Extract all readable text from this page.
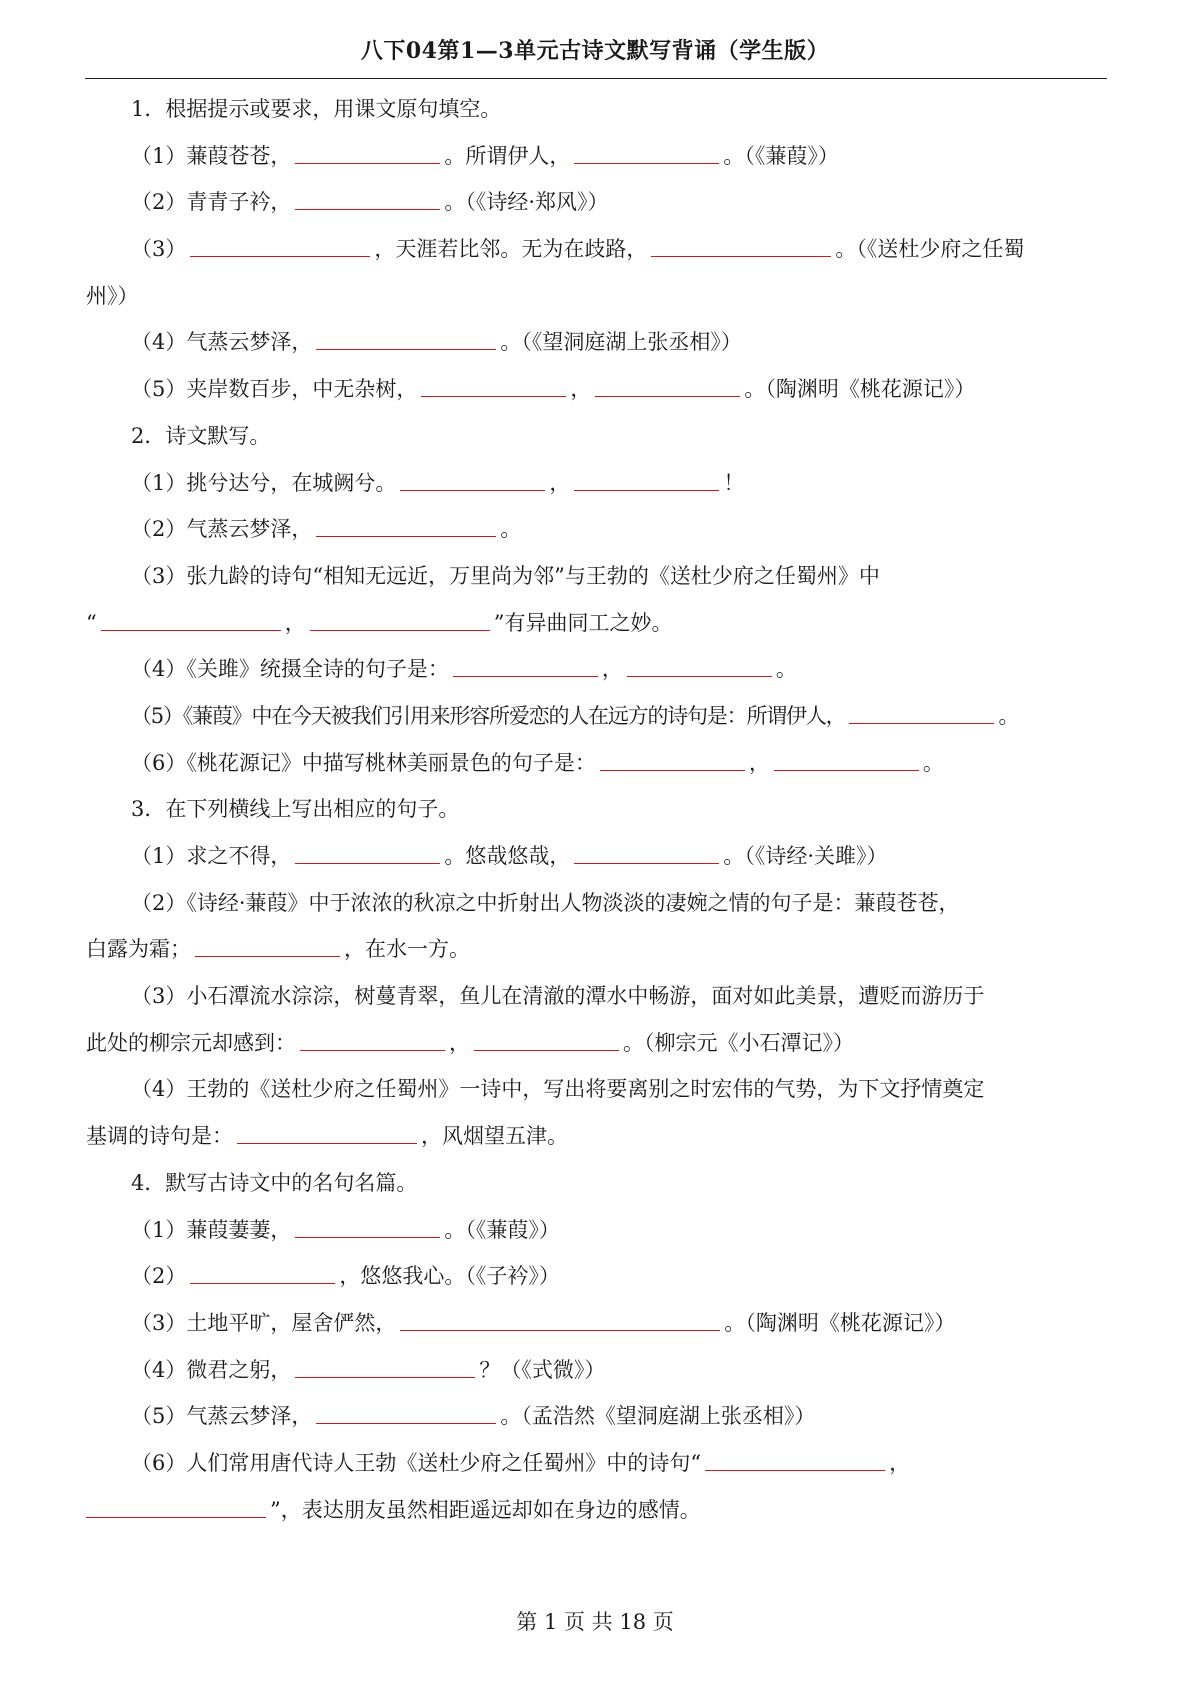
八下04第1—3单元古诗文默写背诵（学生版）
1．根据提示或要求，用课文原句填空。
（1）蒹葭苍苍，	。所谓伊人，	。（《蒹葭》）
（2）青青子衿，	。（《诗经·郑风》）
（3）	，天涯若比邻。无为在歧路，	。（《送杜少府之任蜀
州》）
（4）气蒸云梦泽，	。（《望洞庭湖上张丞相》）
（5）夹岸数百步，中无杂树，	，	。（陶渊明《桃花源记》）
2．诗文默写。
（1）挑兮达兮，在城阙兮。	，	！
（2）气蒸云梦泽，	。
（3）张九龄的诗句“相知无远近，万里尚为邻”与王勃的《送杜少府之任蜀州》中
“	，	”有异曲同工之妙。
（4）《关雎》统摄全诗的句子是：	，	。
（5）《蒹葭》中在今天被我们引用来形容所爱恋的人在远方的诗句是：所谓伊人，	。
（6）《桃花源记》中描写桃林美丽景色的句子是：	，	。
3．在下列横线上写出相应的句子。
（1）求之不得，	。悠哉悠哉，	。（《诗经·关雎》）
（2）《诗经·蒹葭》中于浓浓的秋凉之中折射出人物淡淡的凄婉之情的句子是：蒹葭苍苍，
白露为霜；	，在水一方。
（3）小石潭流水淙淙，树蔓青翠，鱼儿在清澈的潭水中畅游，面对如此美景，遭贬而游历于
此处的柳宗元却感到：	，	。（柳宗元《小石潭记》）
（4）王勃的《送杜少府之任蜀州》一诗中，写出将要离别之时宏伟的气势，为下文抒情奠定
基调的诗句是：	，风烟望五津。
4．默写古诗文中的名句名篇。
（1）蒹葭萋萋，	。（《蒹葭》）
（2）	，悠悠我心。（《子衿》）
（3）土地平旷，屋舍俨然，	。（陶渊明《桃花源记》）
（4）微君之躬，	？（《式微》）
（5）气蒸云梦泽，	。（孟浩然《望洞庭湖上张丞相》）
（6）人们常用唐代诗人王勃《送杜少府之任蜀州》中的诗句“	，
”，表达朋友虽然相距遥远却如在身边的感情。
第 1 页 共 18 页
